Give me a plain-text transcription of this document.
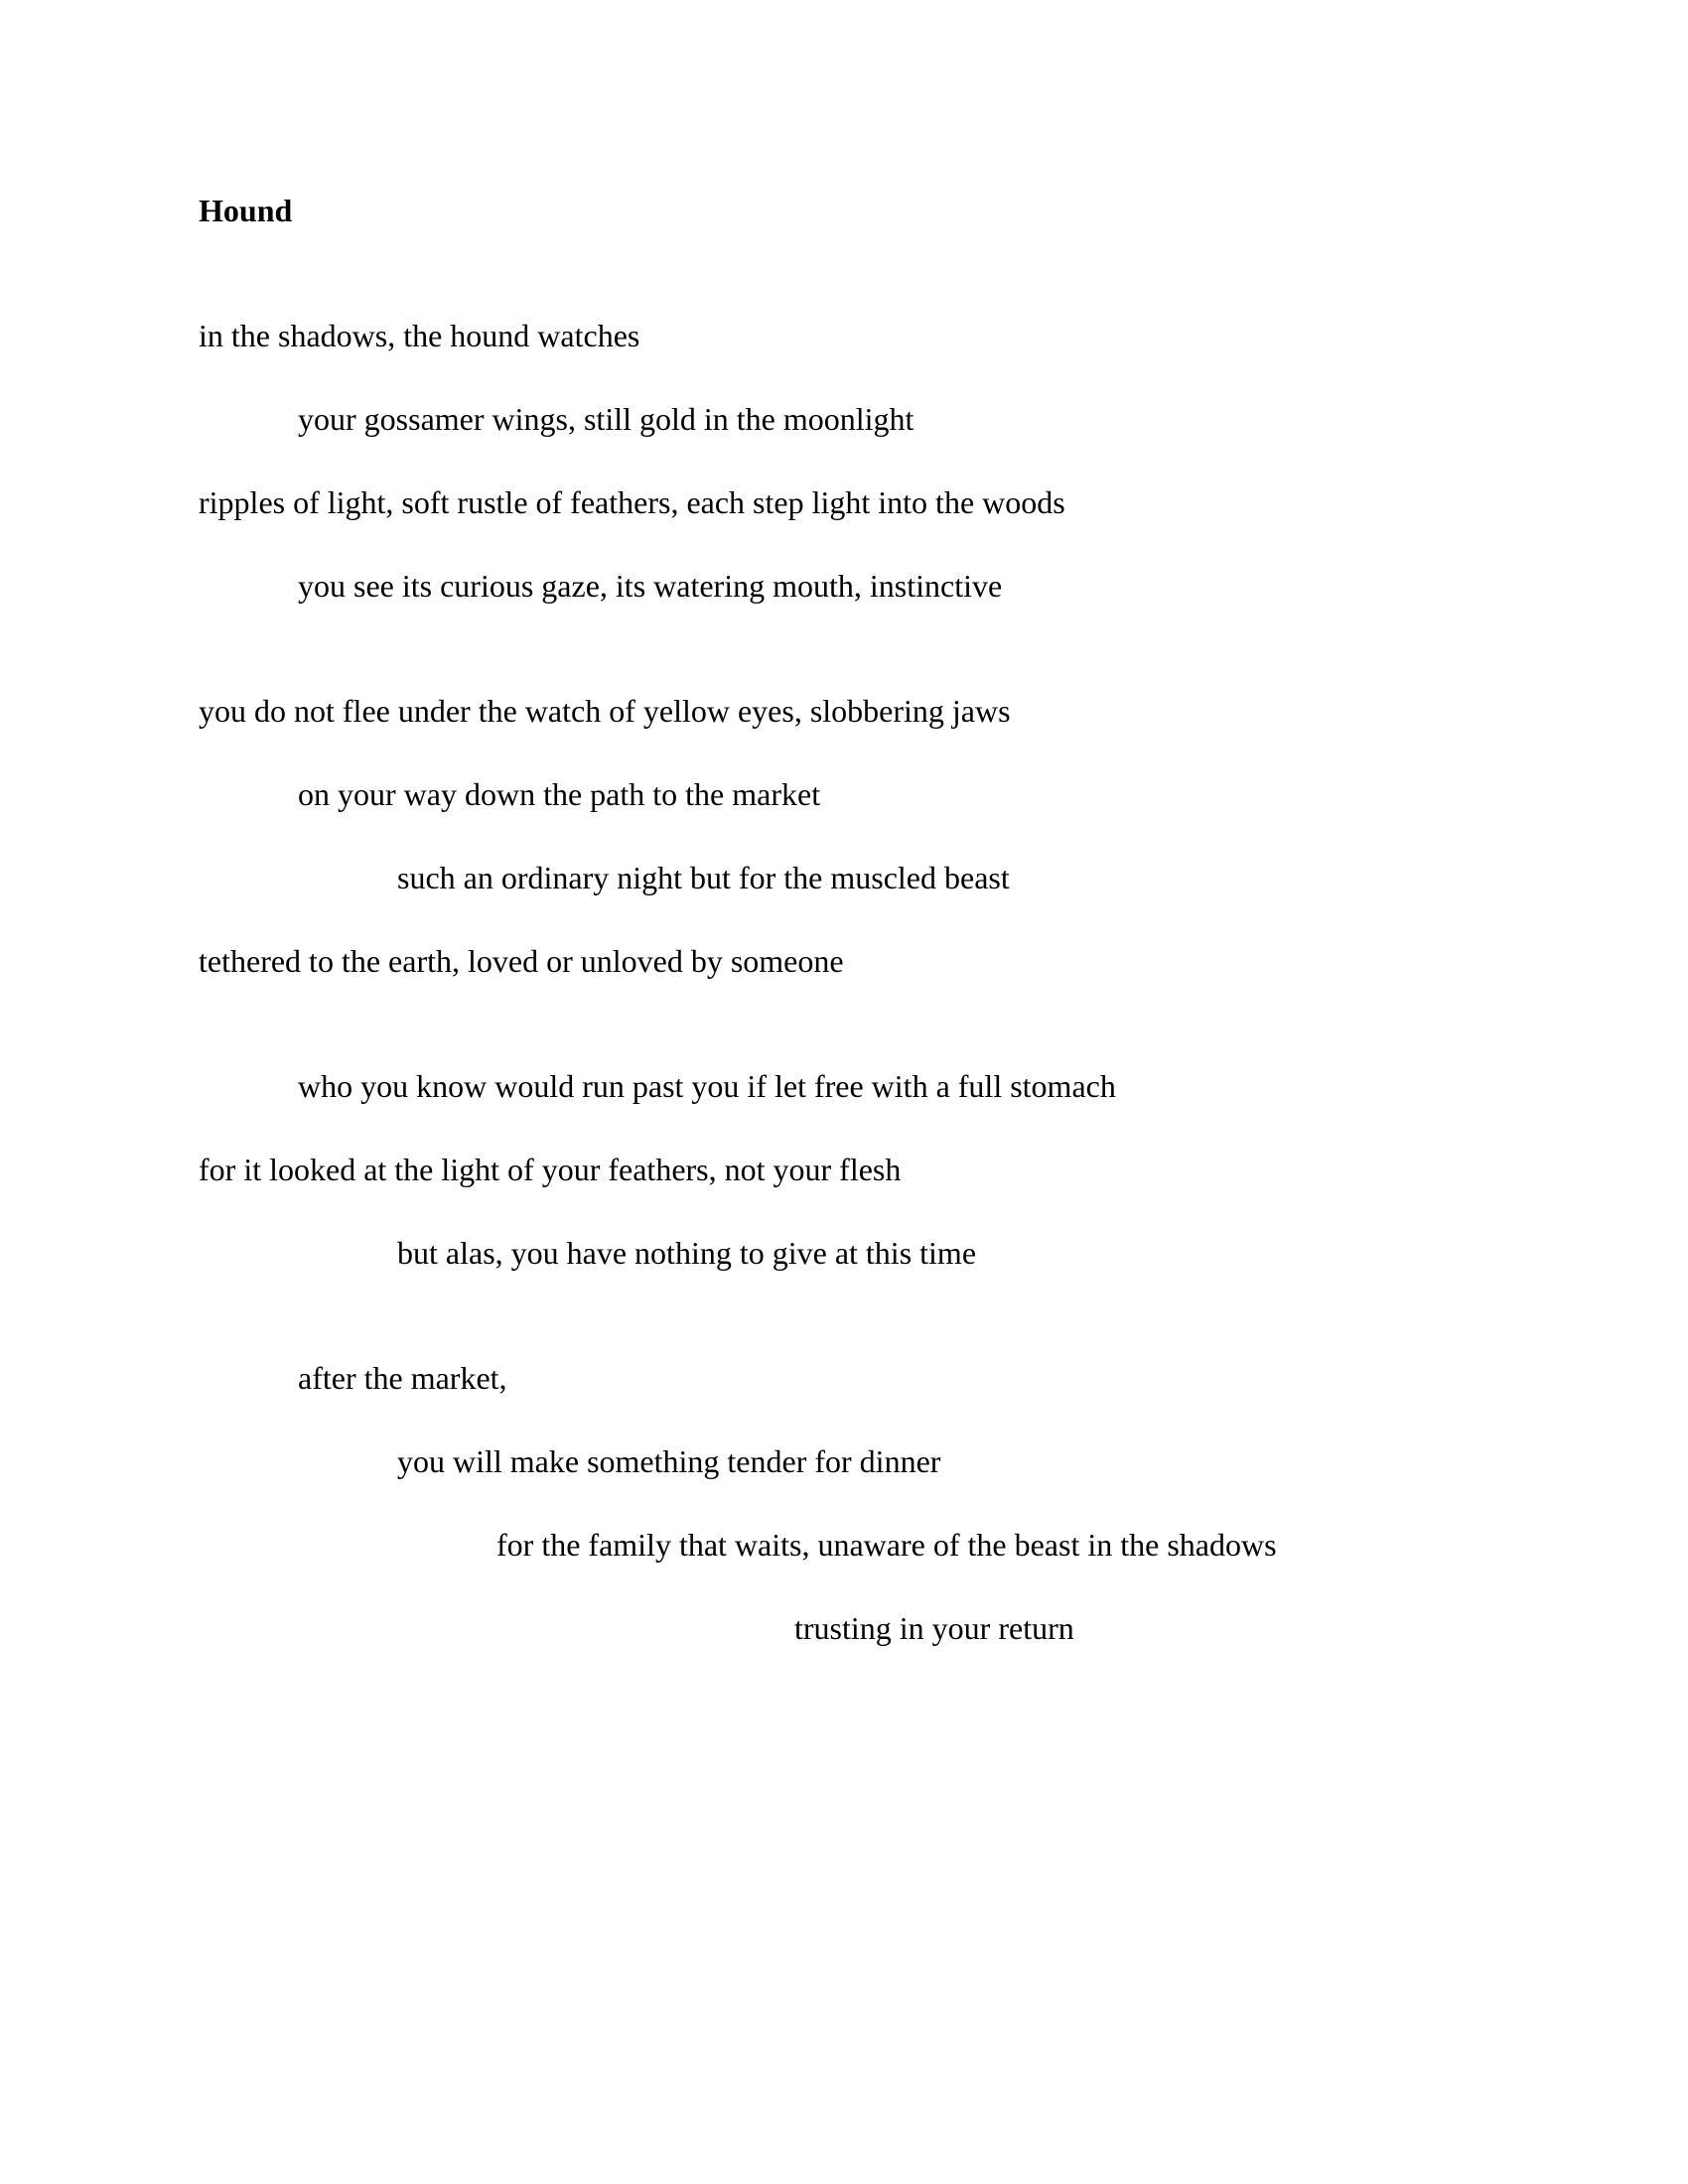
Hound

in the shadows, the hound watches

your gossamer wings, still gold in the moonlight

ripples of light, soft rustle of feathers, each step light into the woods

you see its curious gaze, its watering mouth, instinctive

you do not flee under the watch of yellow eyes, slobbering jaws

on your way down the path to the market

such an ordinary night but for the muscled beast

tethered to the earth, loved or unloved by someone

who you know would run past you if let free with a full stomach

for it looked at the light of your feathers, not your flesh

but alas, you have nothing to give at this time

after the market,

you will make something tender for dinner

for the family that waits, unaware of the beast in the shadows

trusting in your return
